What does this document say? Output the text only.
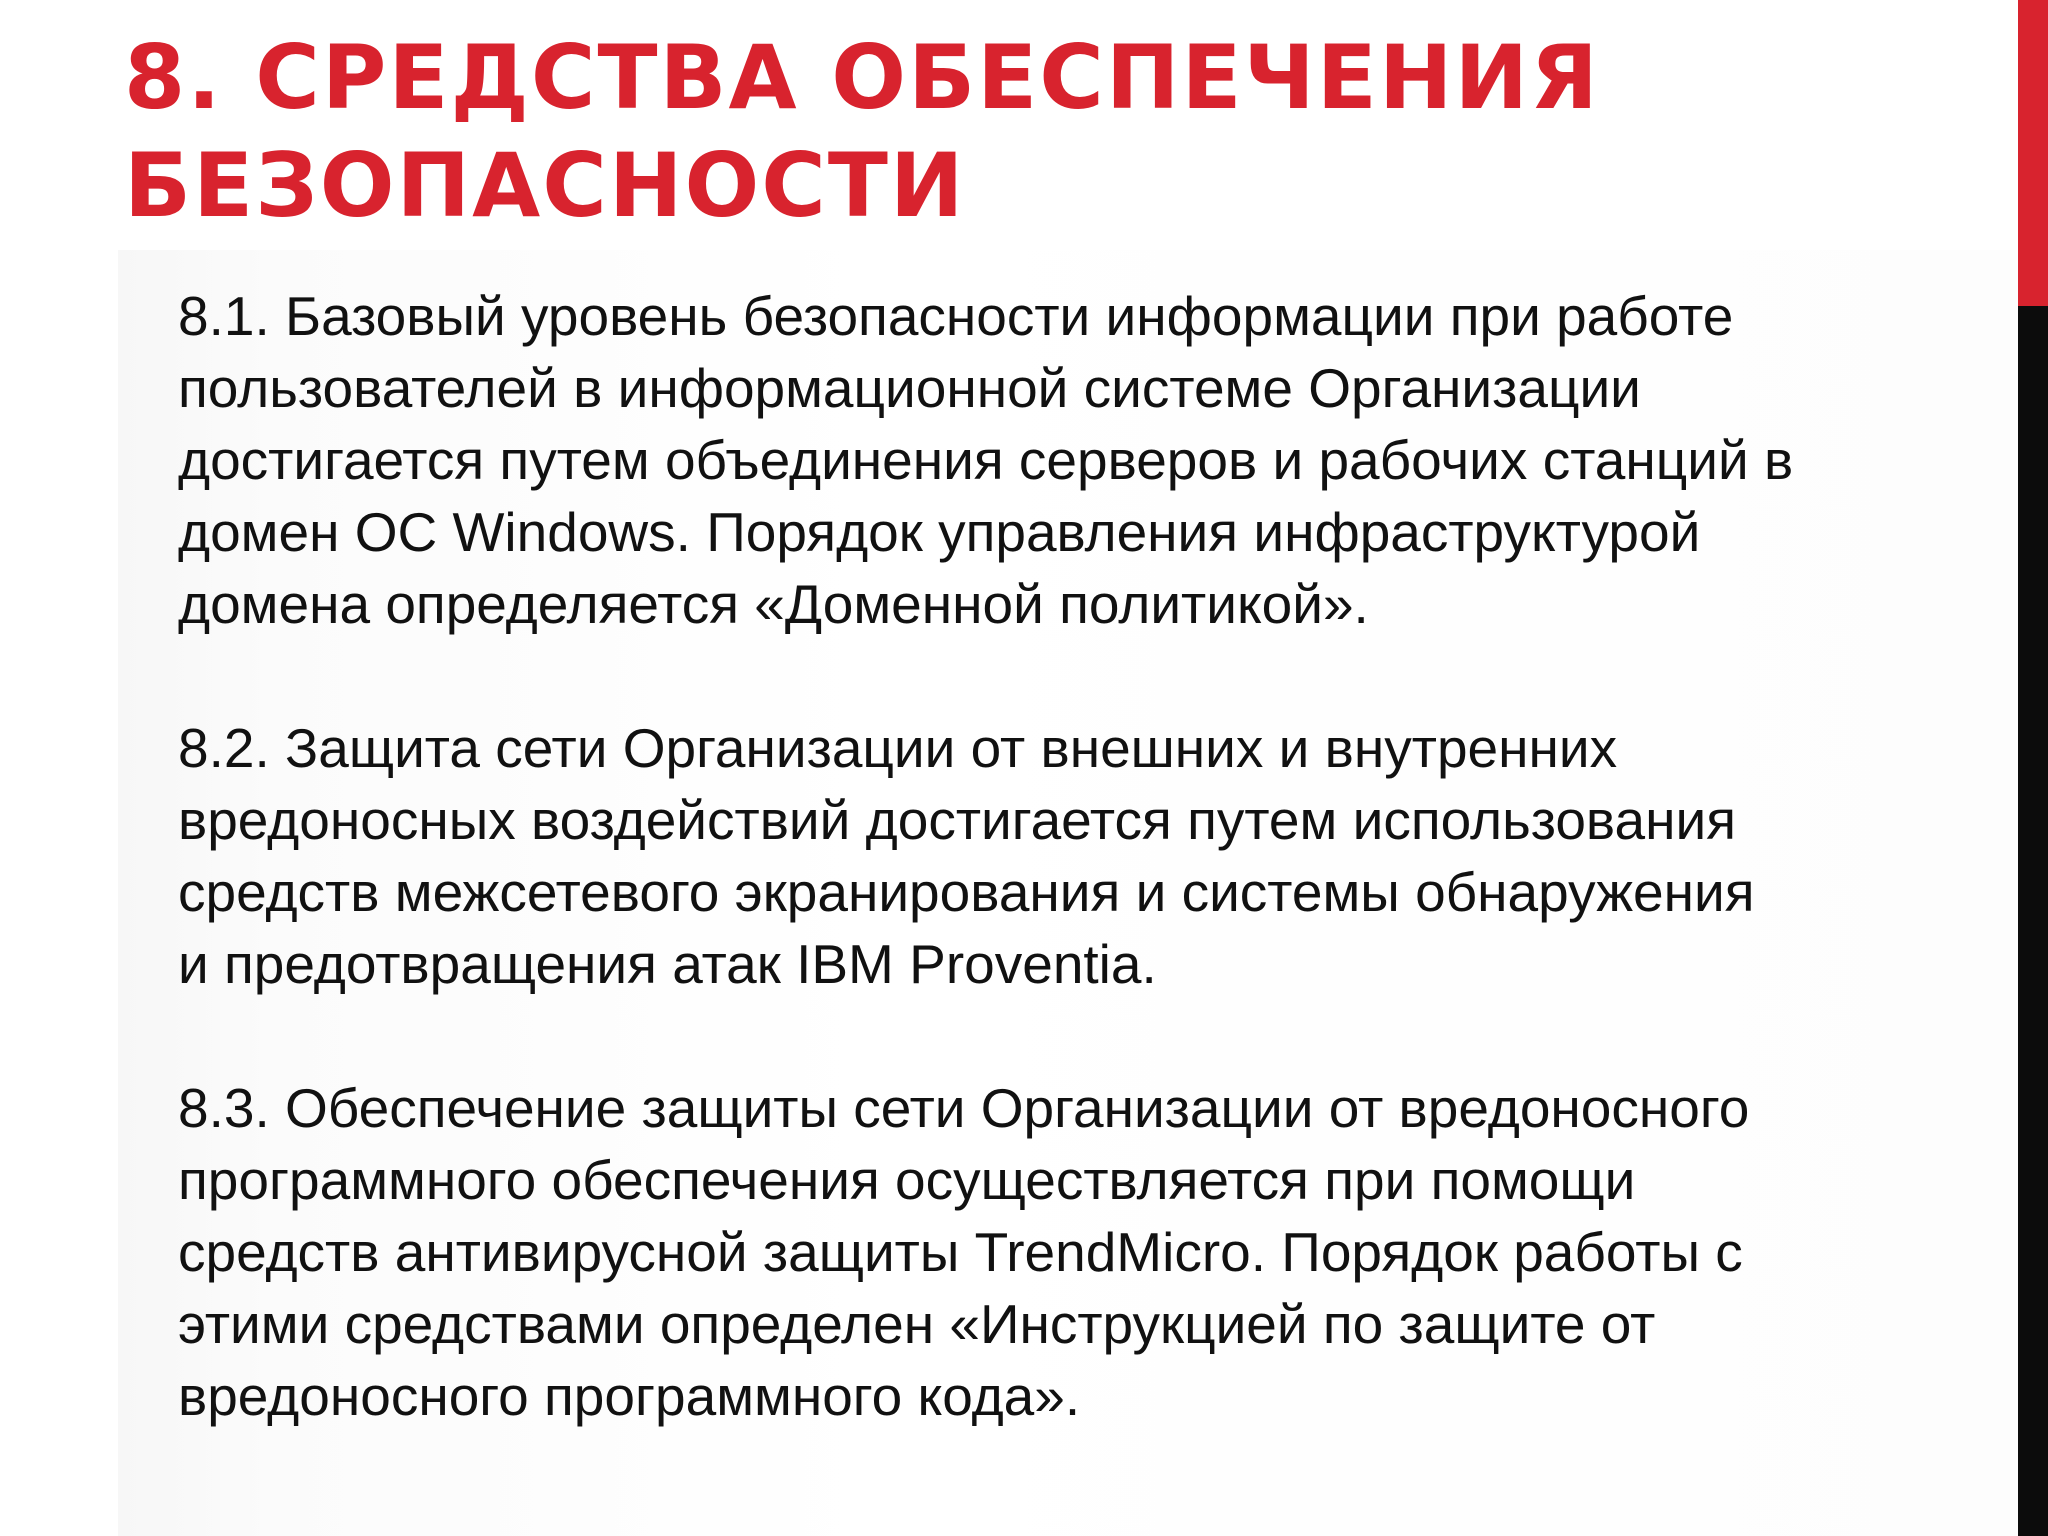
8. СРЕДСТВА ОБЕСПЕЧЕНИЯ БЕЗОПАСНОСТИ

8.1. Базовый уровень безопасности информации при работе
пользователей в информационной системе Организации
достигается путем объединения серверов и рабочих станций в
домен ОС Windows. Порядок управления инфраструктурой
домена определяется «Доменной политикой».

8.2. Защита сети Организации от внешних и внутренних
вредоносных воздействий достигается путем использования
средств межсетевого экранирования и системы обнаружения
и предотвращения атак IBM Proventia.

8.3. Обеспечение защиты сети Организации от вредоносного
программного обеспечения осуществляется при помощи
средств антивирусной защиты TrendMicro. Порядок работы с
этими средствами определен «Инструкцией по защите от
вредоносного программного кода».
